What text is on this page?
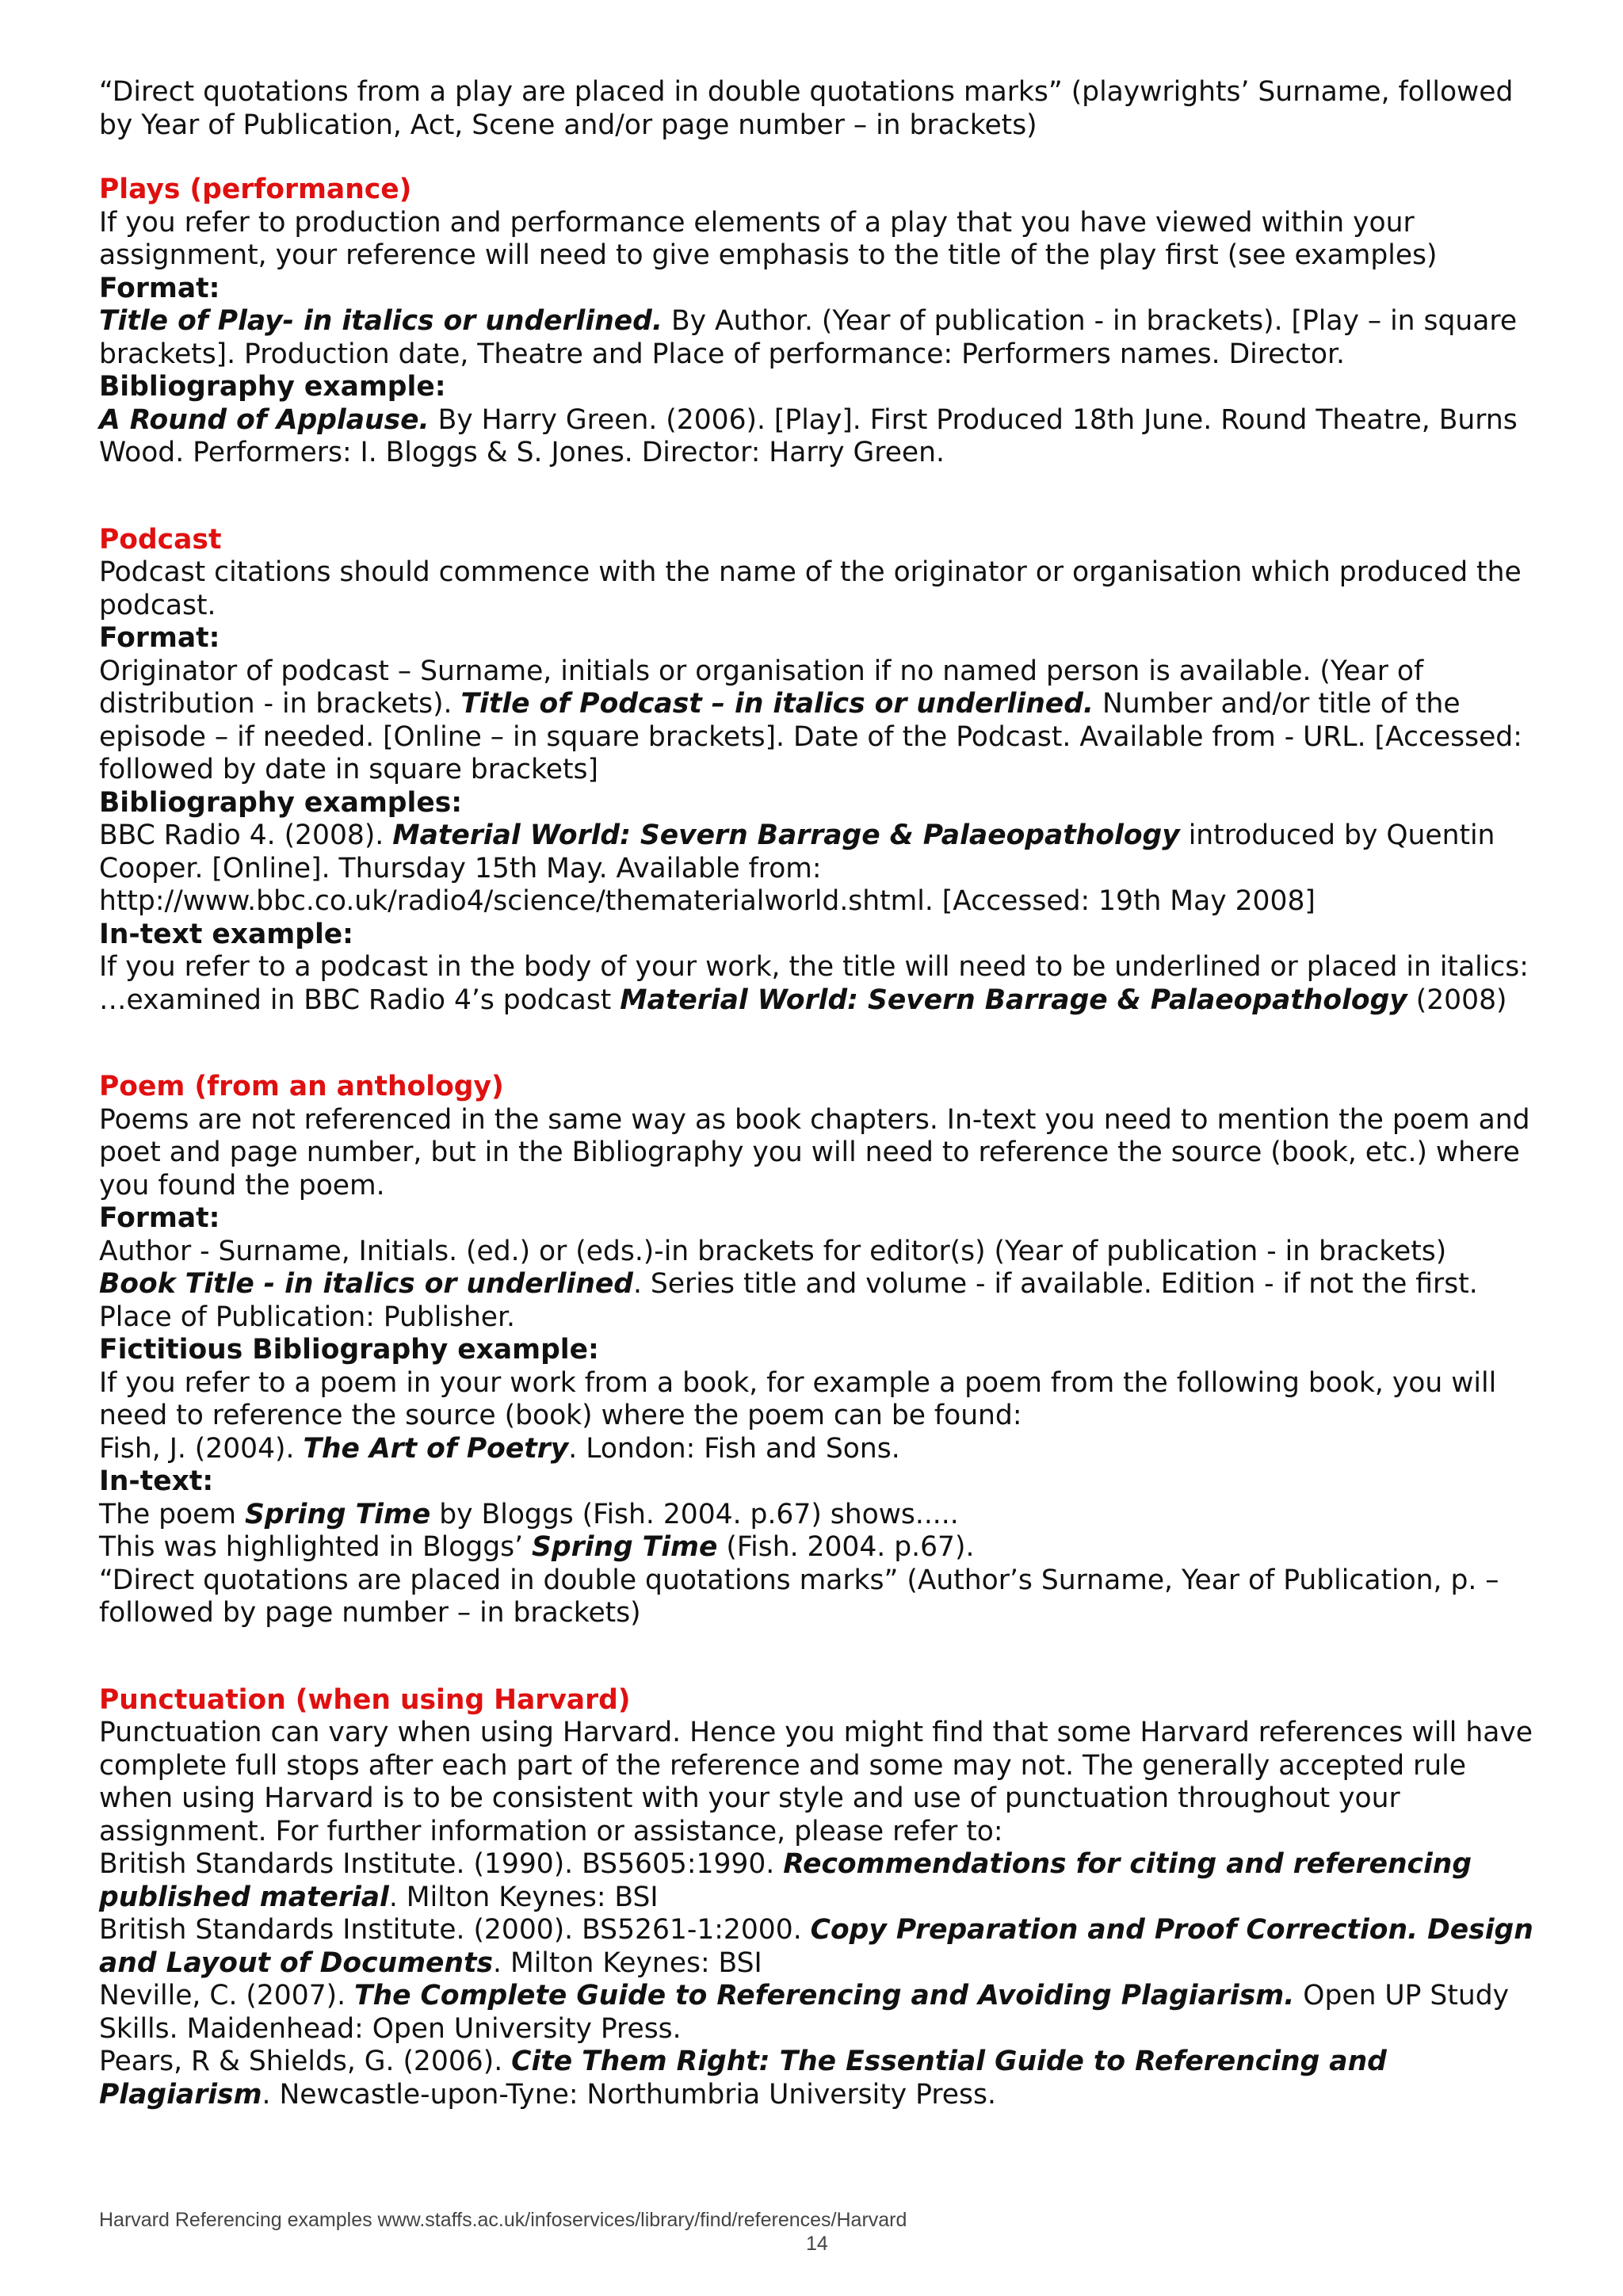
“Direct quotations from a play are placed in double quotations marks” (playwrights’ Surname, followed by Year of Publication, Act, Scene and/or page number – in brackets)

Plays (performance)

If you refer to production and performance elements of a play that you have viewed within your assignment, your reference will need to give emphasis to the title of the play first (see examples)

Format:

Title of Play- in italics or underlined. By Author. (Year of publication - in brackets). [Play – in square brackets]. Production date, Theatre and Place of performance: Performers names. Director.

Bibliography example:

A Round of Applause. By Harry Green. (2006). [Play]. First Produced 18th June. Round Theatre, Burns Wood. Performers: I. Bloggs & S. Jones. Director: Harry Green.

Podcast

Podcast citations should commence with the name of the originator or organisation which produced the podcast.

Format:

Originator of podcast – Surname, initials or organisation if no named person is available. (Year of distribution - in brackets). Title of Podcast – in italics or underlined. Number and/or title of the episode – if needed. [Online – in square brackets]. Date of the Podcast. Available from - URL. [Accessed: followed by date in square brackets]

Bibliography examples:

BBC Radio 4. (2008). Material World: Severn Barrage & Palaeopathology introduced by Quentin Cooper. [Online]. Thursday 15th May. Available from: http://www.bbc.co.uk/radio4/science/thematerialworld.shtml. [Accessed: 19th May 2008]

In-text example:

If you refer to a podcast in the body of your work, the title will need to be underlined or placed in italics:

…examined in BBC Radio 4’s podcast Material World: Severn Barrage & Palaeopathology (2008)

Poem (from an anthology)

Poems are not referenced in the same way as book chapters. In-text you need to mention the poem and poet and page number, but in the Bibliography you will need to reference the source (book, etc.) where you found the poem.

Format:

Author - Surname, Initials. (ed.) or (eds.)-in brackets for editor(s) (Year of publication - in brackets)

Book Title - in italics or underlined. Series title and volume - if available. Edition - if not the first. Place of Publication: Publisher.

Fictitious Bibliography example:

If you refer to a poem in your work from a book, for example a poem from the following book, you will need to reference the source (book) where the poem can be found:

Fish, J. (2004). The Art of Poetry. London: Fish and Sons.

In-text:

The poem Spring Time by Bloggs (Fish. 2004. p.67) shows.....

This was highlighted in Bloggs’ Spring Time (Fish. 2004. p.67).

“Direct quotations are placed in double quotations marks” (Author’s Surname, Year of Publication, p. – followed by page number – in brackets)

Punctuation (when using Harvard)

Punctuation can vary when using Harvard. Hence you might find that some Harvard references will have complete full stops after each part of the reference and some may not. The generally accepted rule when using Harvard is to be consistent with your style and use of punctuation throughout your assignment. For further information or assistance, please refer to:

British Standards Institute. (1990). BS5605:1990. Recommendations for citing and referencing published material. Milton Keynes: BSI

British Standards Institute. (2000). BS5261-1:2000. Copy Preparation and Proof Correction. Design and Layout of Documents. Milton Keynes: BSI

Neville, C. (2007). The Complete Guide to Referencing and Avoiding Plagiarism. Open UP Study Skills. Maidenhead: Open University Press.

Pears, R & Shields, G. (2006). Cite Them Right: The Essential Guide to Referencing and Plagiarism. Newcastle-upon-Tyne: Northumbria University Press.

Harvard Referencing examples www.staffs.ac.uk/infoservices/library/find/references/Harvard
14
